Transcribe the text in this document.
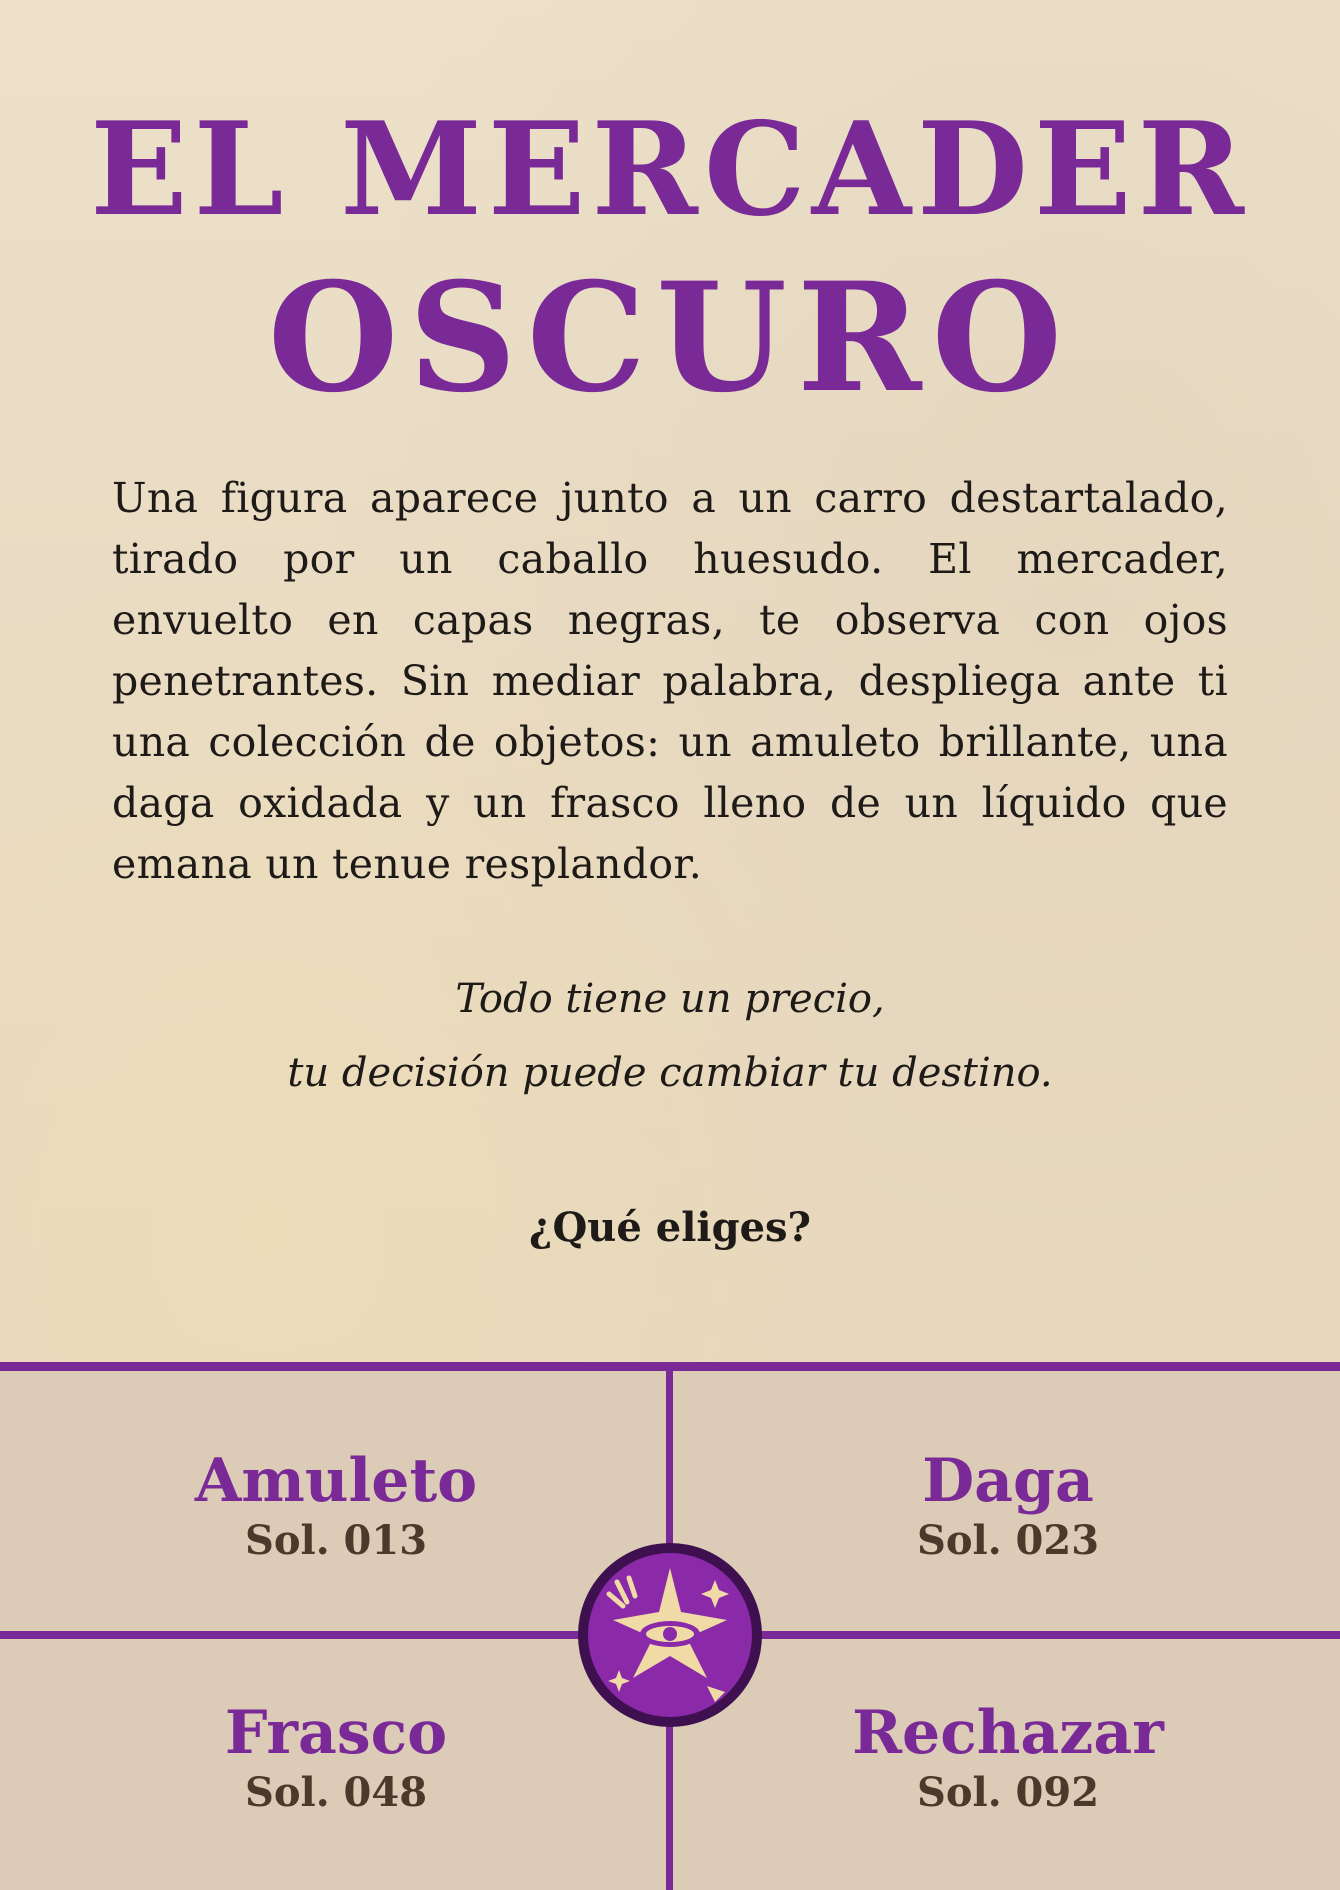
EL MERCADER
OSCURO

Una figura aparece junto a un carro destartalado, tirado por un caballo huesudo. El mercader, envuelto en capas negras, te observa con ojos penetrantes. Sin mediar palabra, despliega ante ti una colección de objetos: un amuleto brillante, una daga oxidada y un frasco lleno de un líquido que emana un tenue resplandor.

Todo tiene un precio,

tu decisión puede cambiar tu destino.

¿Qué eliges?

Amuleto
Sol. 013
Daga
Sol. 023
Frasco
Sol. 048
Rechazar
Sol. 092
